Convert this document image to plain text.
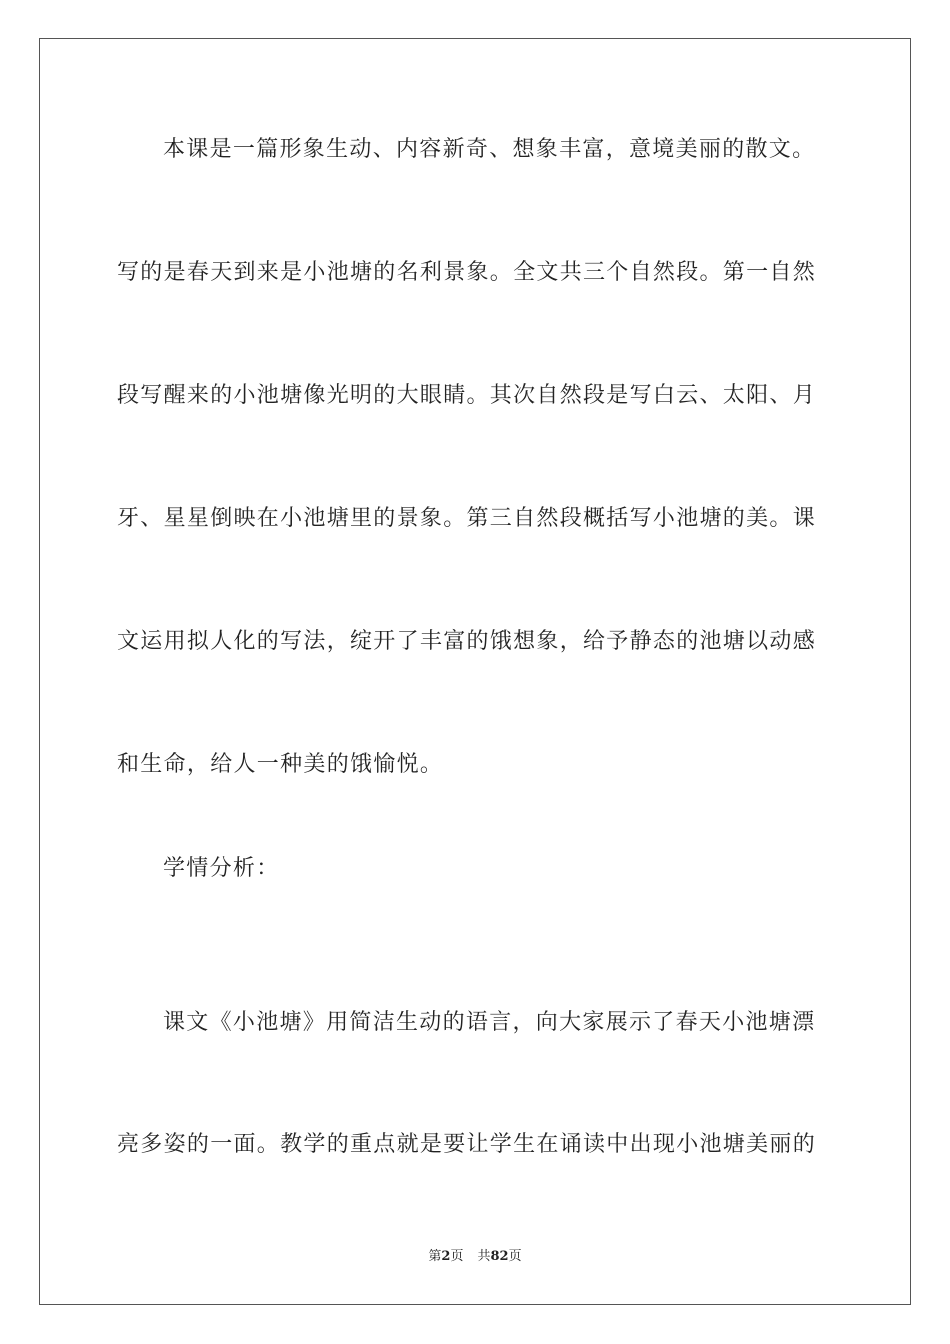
本课是一篇形象生动、内容新奇、想象丰富，意境美丽的散文。
写的是春天到来是小池塘的名利景象。全文共三个自然段。第一自然
段写醒来的小池塘像光明的大眼睛。其次自然段是写白云、太阳、月
牙、星星倒映在小池塘里的景象。第三自然段概括写小池塘的美。课
文运用拟人化的写法，绽开了丰富的饿想象，给予静态的池塘以动感
和生命，给人一种美的饿愉悦。
学情分析：
课文《小池塘》用简洁生动的语言，向大家展示了春天小池塘漂
亮多姿的一面。教学的重点就是要让学生在诵读中出现小池塘美丽的
第2页 共82页
